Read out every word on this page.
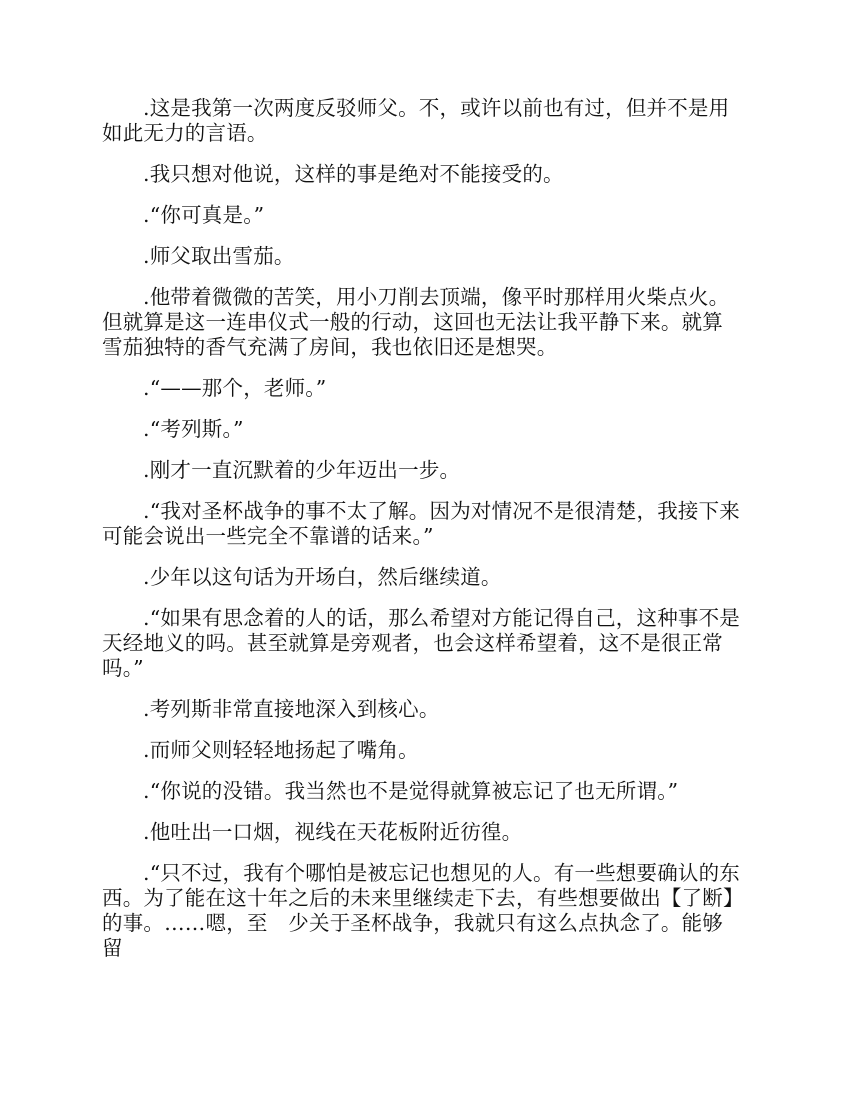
.这是我第一次两度反驳师父。不，或许以前也有过，但并不是用如此无力的言语。

.我只想对他说，这样的事是绝对不能接受的。

.“你可真是。”

.师父取出雪茄。

.他带着微微的苦笑，用小刀削去顶端，像平时那样用火柴点火。但就算是这一连串仪式一般的行动，这回也无法让我平静下来。就算雪茄独特的香气充满了房间，我也依旧还是想哭。

.“——那个，老师。”

.“考列斯。”

.刚才一直沉默着的少年迈出一步。

.“我对圣杯战争的事不太了解。因为对情况不是很清楚，我接下来可能会说出一些完全不靠谱的话来。”

.少年以这句话为开场白，然后继续道。

.“如果有思念着的人的话，那么希望对方能记得自己，这种事不是天经地义的吗。甚至就算是旁观者，也会这样希望着，这不是很正常吗。”

.考列斯非常直接地深入到核心。

.而师父则轻轻地扬起了嘴角。

.“你说的没错。我当然也不是觉得就算被忘记了也无所谓。”

.他吐出一口烟，视线在天花板附近彷徨。

.“只不过，我有个哪怕是被忘记也想见的人。有一些想要确认的东西。为了能在这十年之后的未来里继续走下去，有些想要做出【了断】的事。……嗯，至　少关于圣杯战争，我就只有这么点执念了。能够留
